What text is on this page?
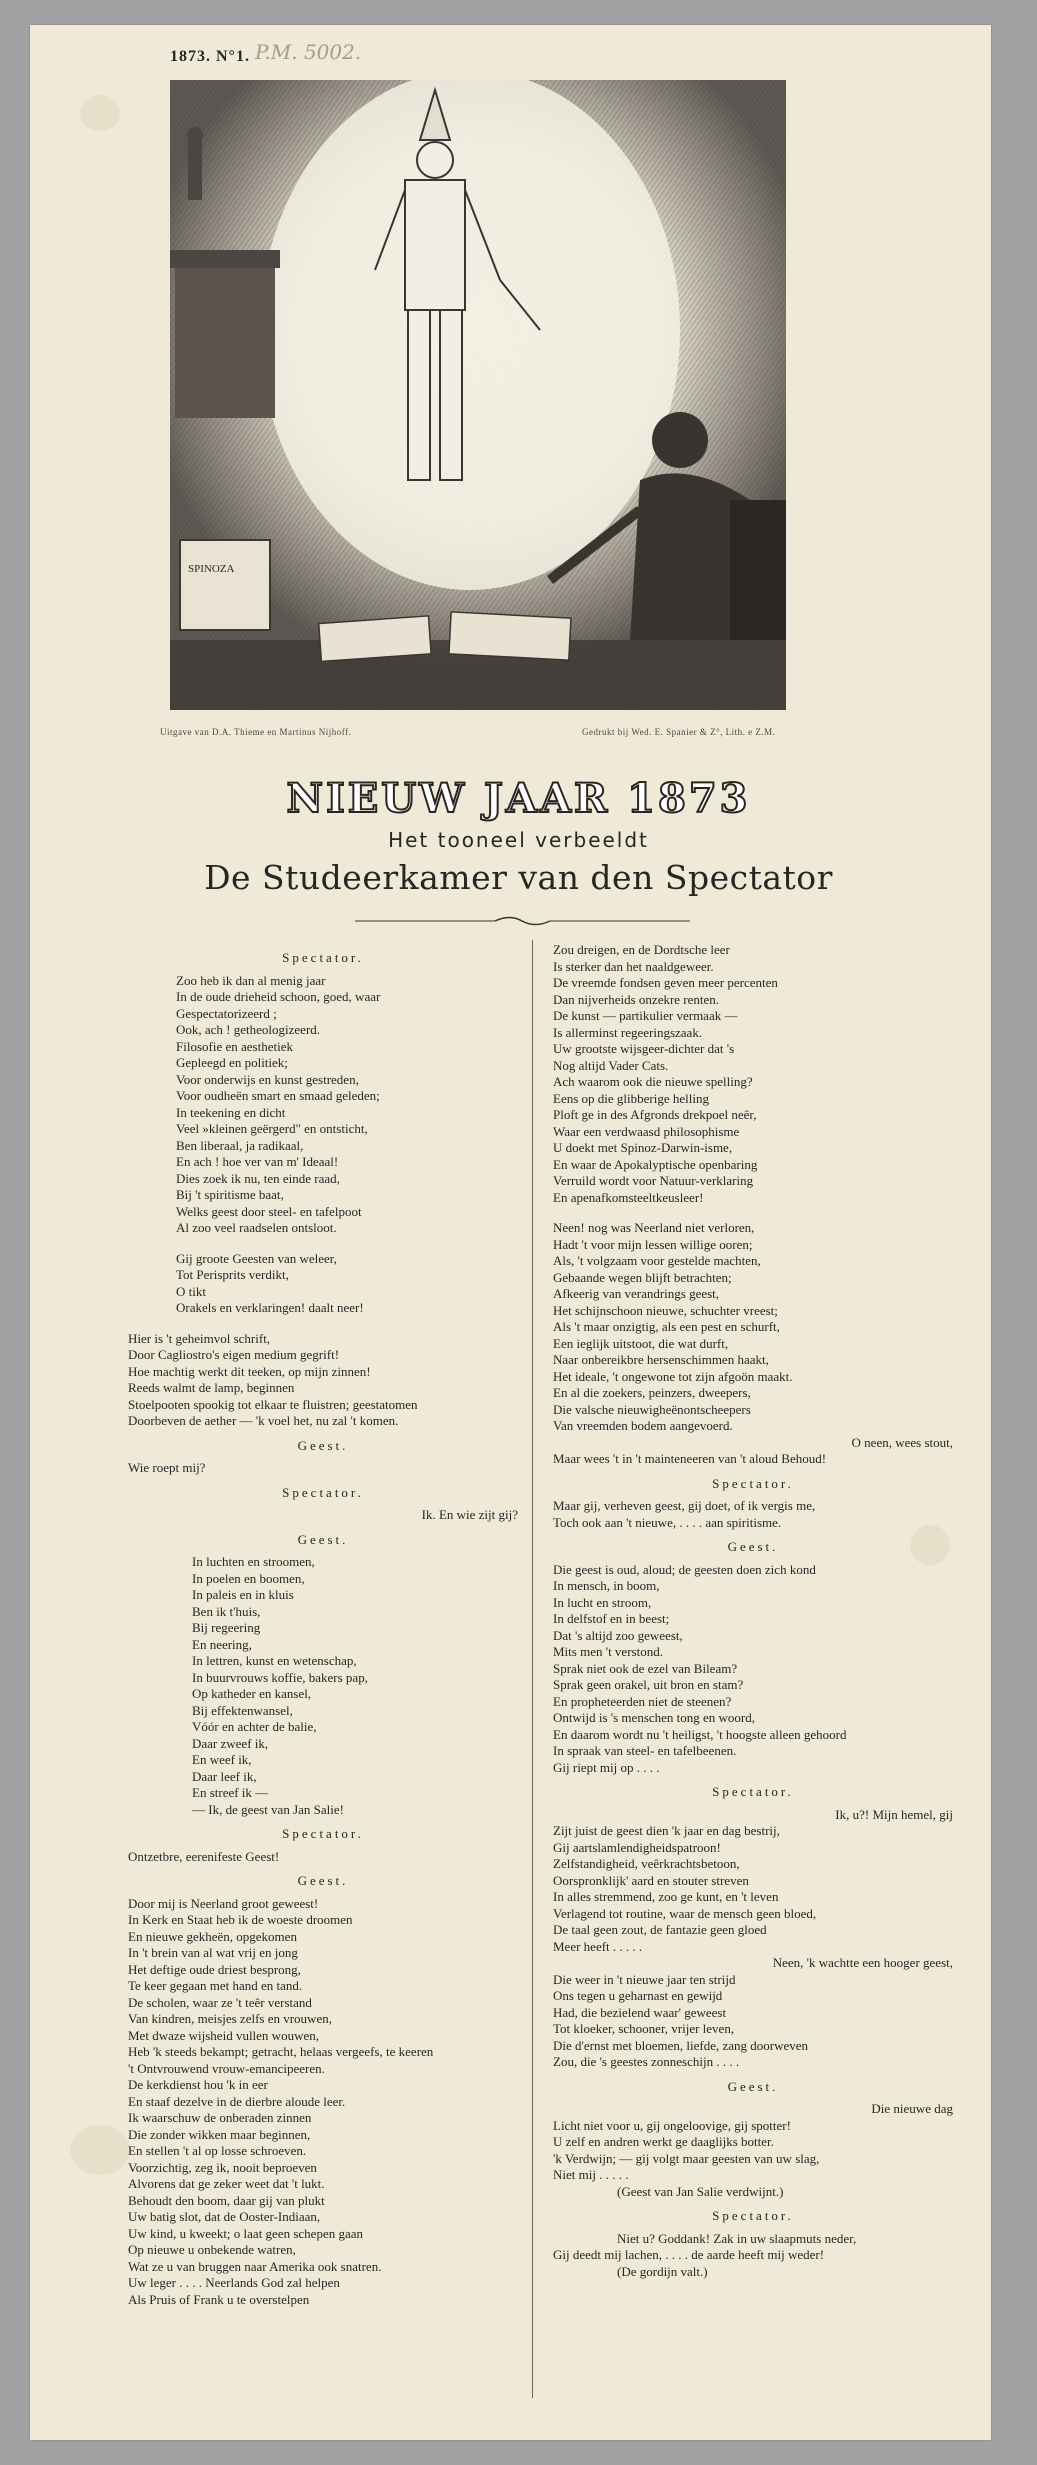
1873. N°1. P.M. 5002.
SPINOZA
Uitgave van D.A. Thieme en Martinus Nijhoff.	Gedrukt bij Wed. E. Spanier & Z°, Lith. e Z.M.
NIEUW JAAR 1873
Het tooneel verbeeldt
De Studeerkamer van den Spectator
Spectator.
Zoo heb ik dan al menig jaar
In de oude drieheid schoon, goed, waar
Gespectatorizeerd ;
Ook, ach ! getheologizeerd.
Filosofie en aesthetiek
Gepleegd en politiek;
Voor onderwijs en kunst gestreden,
Voor oudheën smart en smaad geleden;
In teekening en dicht
Veel »kleinen geërgerd" en ontsticht,
Ben liberaal, ja radikaal,
En ach ! hoe ver van m' Ideaal!
Dies zoek ik nu, ten einde raad,
Bij 't spiritisme baat,
Welks geest door steel- en tafelpoot
Al zoo veel raadselen ontsloot.
Gij groote Geesten van weleer,
Tot Perisprits verdikt,
O tikt
Orakels en verklaringen! daalt neer!
Hier is 't geheimvol schrift,
Door Cagliostro's eigen medium gegrift!
Hoe machtig werkt dit teeken, op mijn zinnen!
Reeds walmt de lamp, beginnen
Stoelpooten spookig tot elkaar te fluistren; geestatomen
Doorbeven de aether — 'k voel het, nu zal 't komen.
Geest.
Wie roept mij?
Spectator.
Ik. En wie zijt gij?
Geest.
In luchten en stroomen,
In poelen en boomen,
In paleis en in kluis
Ben ik t'huis,
Bij regeering
En neering,
In lettren, kunst en wetenschap,
In buurvrouws koffie, bakers pap,
Op katheder en kansel,
Bij effektenwansel,
Vóór en achter de balie,
Daar zweef ik,
En weef ik,
Daar leef ik,
En streef ik —
— Ik, de geest van Jan Salie!
Spectator.
Ontzetbre, eerenifeste Geest!
Geest.
Door mij is Neerland groot geweest!
In Kerk en Staat heb ik de woeste droomen
En nieuwe gekheën, opgekomen
In 't brein van al wat vrij en jong
Het deftige oude driest besprong,
Te keer gegaan met hand en tand.
De scholen, waar ze 't teêr verstand
Van kindren, meisjes zelfs en vrouwen,
Met dwaze wijsheid vullen wouwen,
Heb 'k steeds bekampt; getracht, helaas vergeefs, te keeren
't Ontvrouwend vrouw-emancipeeren.
De kerkdienst hou 'k in eer
En staaf dezelve in de dierbre aloude leer.
Ik waarschuw de onberaden zinnen
Die zonder wikken maar beginnen,
En stellen 't al op losse schroeven.
Voorzichtig, zeg ik, nooit beproeven
Alvorens dat ge zeker weet dat 't lukt.
Behoudt den boom, daar gij van plukt
Uw batig slot, dat de Ooster-Indiaan,
Uw kind, u kweekt; o laat geen schepen gaan
Op nieuwe u onbekende watren,
Wat ze u van bruggen naar Amerika ook snatren.
Uw leger . . . . Neerlands God zal helpen
Als Pruis of Frank u te overstelpen
Zou dreigen, en de Dordtsche leer
Is sterker dan het naaldgeweer.
De vreemde fondsen geven meer percenten
Dan nijverheids onzekre renten.
De kunst — partikulier vermaak —
Is allerminst regeeringszaak.
Uw grootste wijsgeer-dichter dat 's
Nog altijd Vader Cats.
Ach waarom ook die nieuwe spelling?
Eens op die glibberige helling
Ploft ge in des Afgronds drekpoel neêr,
Waar een verdwaasd philosophisme
U doekt met Spinoz-Darwin-isme,
En waar de Apokalyptische openbaring
Verruild wordt voor Natuur-verklaring
En apenafkomsteeltkeusleer!
Neen! nog was Neerland niet verloren,
Hadt 't voor mijn lessen willige ooren;
Als, 't volgzaam voor gestelde machten,
Gebaande wegen blijft betrachten;
Afkeerig van verandrings geest,
Het schijnschoon nieuwe, schuchter vreest;
Als 't maar onzigtig, als een pest en schurft,
Een ieglijk uitstoot, die wat durft,
Naar onbereikbre hersenschimmen haakt,
Het ideale, 't ongewone tot zijn afgoön maakt.
En al die zoekers, peinzers, dweepers,
Die valsche nieuwigheënontscheepers
Van vreemden bodem aangevoerd.
O neen, wees stout,
Maar wees 't in 't mainteneeren van 't aloud Behoud!
Spectator.
Maar gij, verheven geest, gij doet, of ik vergis me,
Toch ook aan 't nieuwe, . . . . aan spiritisme.
Geest.
Die geest is oud, aloud; de geesten doen zich kond
In mensch, in boom,
In lucht en stroom,
In delfstof en in beest;
Dat 's altijd zoo geweest,
Mits men 't verstond.
Sprak niet ook de ezel van Bileam?
Sprak geen orakel, uit bron en stam?
En propheteerden niet de steenen?
Ontwijd is 's menschen tong en woord,
En daarom wordt nu 't heiligst, 't hoogste alleen gehoord
In spraak van steel- en tafelbeenen.
Gij riept mij op . . . .
Spectator.
Ik, u?! Mijn hemel, gij
Zijt juist de geest dien 'k jaar en dag bestrij,
Gij aartslamlendigheidspatroon!
Zelfstandigheid, veêrkrachtsbetoon,
Oorspronklijk' aard en stouter streven
In alles stremmend, zoo ge kunt, en 't leven
Verlagend tot routine, waar de mensch geen bloed,
De taal geen zout, de fantazie geen gloed
Meer heeft . . . . .
Neen, 'k wachtte een hooger geest,
Die weer in 't nieuwe jaar ten strijd
Ons tegen u geharnast en gewijd
Had, die bezielend waar' geweest
Tot kloeker, schooner, vrijer leven,
Die d'ernst met bloemen, liefde, zang doorweven
Zou, die 's geestes zonneschijn . . . .
Geest.
Die nieuwe dag
Licht niet voor u, gij ongeloovige, gij spotter!
U zelf en andren werkt ge daaglijks botter.
'k Verdwijn; — gij volgt maar geesten van uw slag,
Niet mij . . . . .
(Geest van Jan Salie verdwijnt.)
Spectator.
Niet u? Goddank! Zak in uw slaapmuts neder,
Gij deedt mij lachen, . . . . de aarde heeft mij weder!
(De gordijn valt.)
